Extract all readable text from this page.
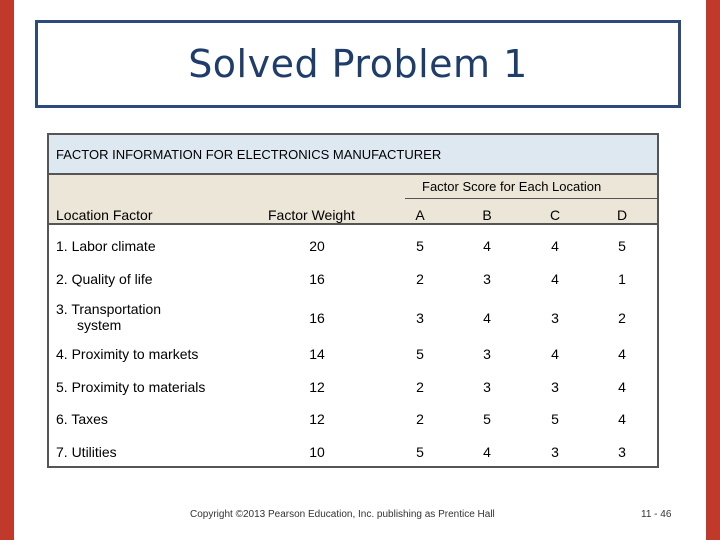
Solved Problem 1
FACTOR INFORMATION FOR ELECTRONICS MANUFACTURER
Factor Score for Each Location
Location Factor	Factor Weight	A	B	C	D
1. Labor climate	20	5	4	4	5
2. Quality of life	16	2	3	4	1
3. Transportation
system	16	3	4	3	2
4. Proximity to markets	14	5	3	4	4
5. Proximity to materials	12	2	3	3	4
6. Taxes	12	2	5	5	4
7. Utilities	10	5	4	3	3
Copyright ©2013 Pearson Education, Inc. publishing as Prentice Hall	11 - 46
